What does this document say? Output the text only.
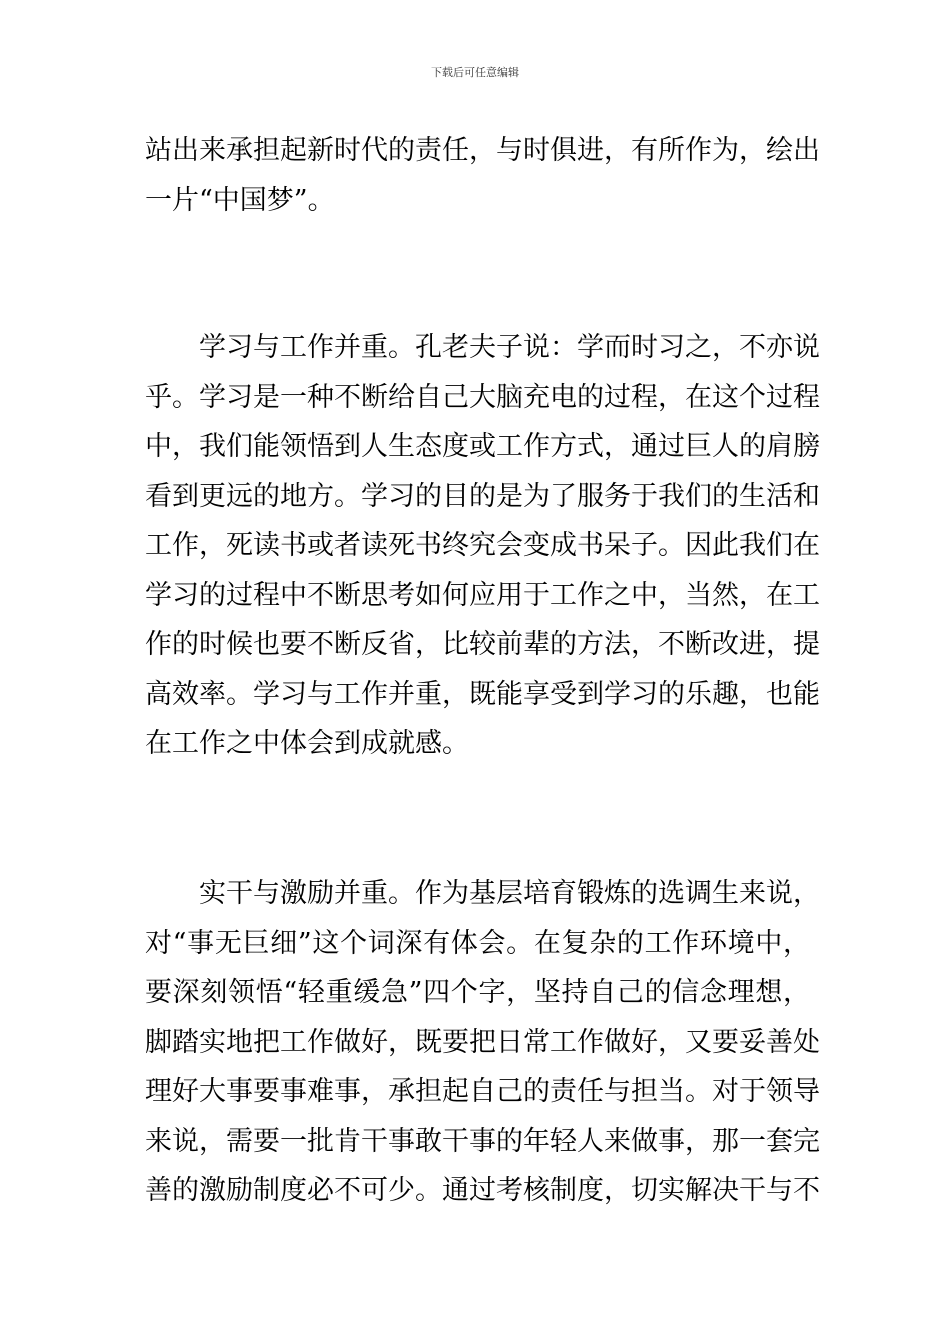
下载后可任意编辑
站出来承担起新时代的责任，与时俱进，有所作为，绘出
一片“中国梦”。
学习与工作并重。孔老夫子说：学而时习之，不亦说
乎。学习是一种不断给自己大脑充电的过程，在这个过程
中，我们能领悟到人生态度或工作方式，通过巨人的肩膀
看到更远的地方。学习的目的是为了服务于我们的生活和
工作，死读书或者读死书终究会变成书呆子。因此我们在
学习的过程中不断思考如何应用于工作之中，当然，在工
作的时候也要不断反省，比较前辈的方法，不断改进，提
高效率。学习与工作并重，既能享受到学习的乐趣，也能
在工作之中体会到成就感。
实干与激励并重。作为基层培育锻炼的选调生来说，
对“事无巨细”这个词深有体会。在复杂的工作环境中，
要深刻领悟“轻重缓急”四个字，坚持自己的信念理想，
脚踏实地把工作做好，既要把日常工作做好，又要妥善处
理好大事要事难事，承担起自己的责任与担当。对于领导
来说，需要一批肯干事敢干事的年轻人来做事，那一套完
善的激励制度必不可少。通过考核制度，切实解决干与不
